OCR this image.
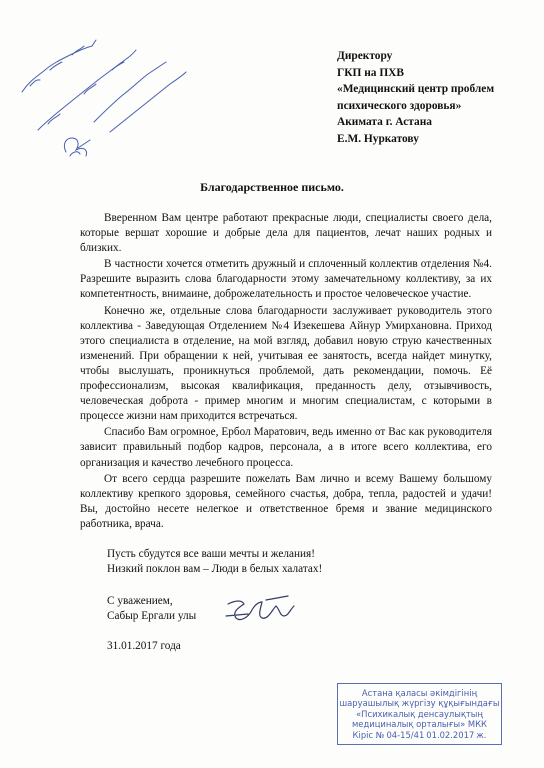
Директору
ГКП на ПХВ
«Медицинский центр проблем
психического здоровья»
Акимата г. Астана
Е.М. Нуркатову
Благодарственное письмо.

Вверенном Вам центре работают прекрасные люди, специалисты своего дела, которые вершат хорошие и добрые дела для пациентов, лечат наших родных и близких.

В частности хочется отметить дружный и сплоченный коллектив отделения №4. Разрешите выразить слова благодарности этому замечательному коллективу, за их компетентность, внимаине, доброжелательность и простое человеческое участие.

Конечно же, отдельные слова благодарности заслуживает руководитель этого коллектива - Заведующая Отделением №4 Изекешева Айнур Умирхановна. Приход этого специалиста в отделение, на мой взгляд, добавил новую струю качественных изменений. При обращении к ней, учитывая ее занятость, всегда найдет минутку, чтобы выслушать, проникнуться проблемой, дать рекомендации, помочь. Её профессионализм, высокая квалификация, преданность делу, отзывчивость, человеческая доброта - пример многим и многим специалистам, с которыми в процессе жизни нам приходится встречаться.

Спасибо Вам огромное, Ербол Маратович, ведь именно от Вас как руководителя зависит правильный подбор кадров, персонала, а в итоге всего коллектива, его организация и качество лечебного процесса.

От всего сердца разрешите пожелать Вам лично и всему Вашему большому коллективу крепкого здоровья, семейного счастья, добра, тепла, радостей и удачи! Вы, достойно несете нелегкое и ответственное бремя и звание медицинского работника, врача.

Пусть сбудутся все ваши мечты и желания!
Низкий поклон вам – Люди в белых халатах!
С уважением,
Сабыр Ергали улы
31.01.2017 года
Астана қаласы әкімдігінің
шаруашылық жүргізу құқығындағы
«Психикалық денсаулықтың
медициналық орталығы» МКК
Кіріс № 04-15/41 01.02.2017 ж.
